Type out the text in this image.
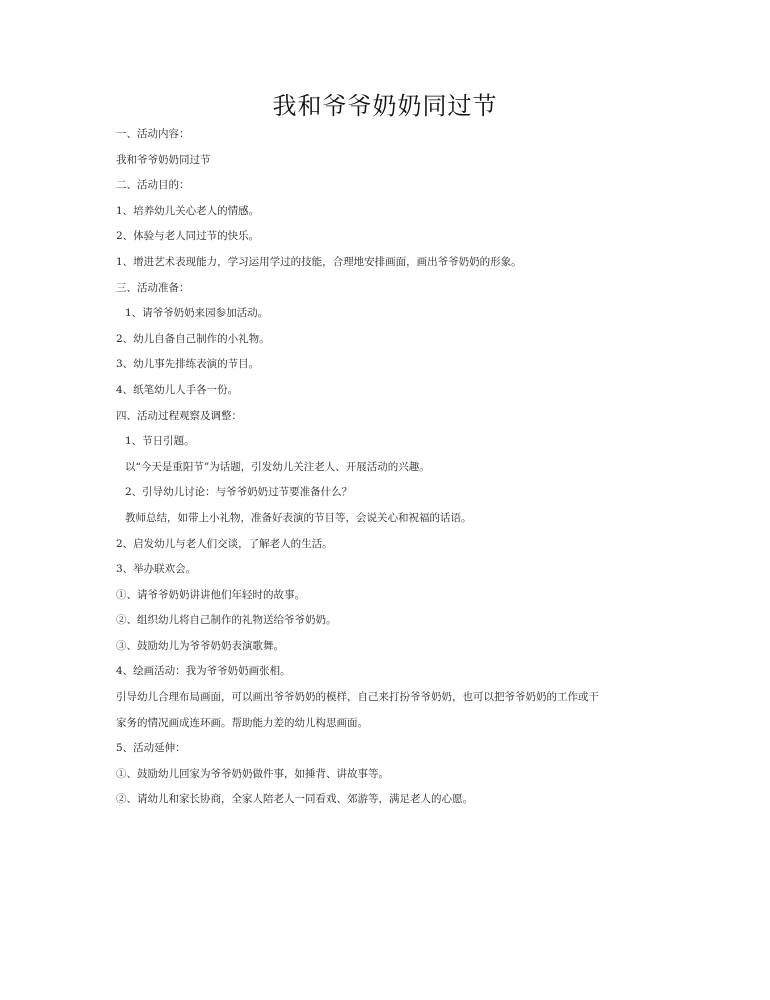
我和爷爷奶奶同过节
一、活动内容：
我和爷爷奶奶同过节
二、活动目的：
1、培养幼儿关心老人的情感。
2、体验与老人同过节的快乐。
1、增进艺术表现能力，学习运用学过的技能，合理地安排画面，画出爷爷奶奶的形象。
三、活动准备：
1、请爷爷奶奶来园参加活动。
2、幼儿自备自己制作的小礼物。
3、幼儿事先排练表演的节目。
4、纸笔幼儿人手各一份。
四、活动过程观察及调整：
1、节日引题。
以“今天是重阳节”为话题，引发幼儿关注老人、开展活动的兴趣。
2、引导幼儿讨论：与爷爷奶奶过节要准备什么？
教师总结，如带上小礼物，准备好表演的节目等，会说关心和祝福的话语。
2、启发幼儿与老人们交谈，了解老人的生活。
3、举办联欢会。
①、请爷爷奶奶讲讲他们年轻时的故事。
②、组织幼儿将自己制作的礼物送给爷爷奶奶。
③、鼓励幼儿为爷爷奶奶表演歌舞。
4、绘画活动：我为爷爷奶奶画张相。
引导幼儿合理布局画面，可以画出爷爷奶奶的模样，自己来打扮爷爷奶奶，也可以把爷爷奶奶的工作或干
家务的情况画成连环画。帮助能力差的幼儿构思画面。
5、活动延伸：
①、鼓励幼儿回家为爷爷奶奶做件事，如捶背、讲故事等。
②、请幼儿和家长协商，全家人陪老人一同看戏、郊游等，满足老人的心愿。
